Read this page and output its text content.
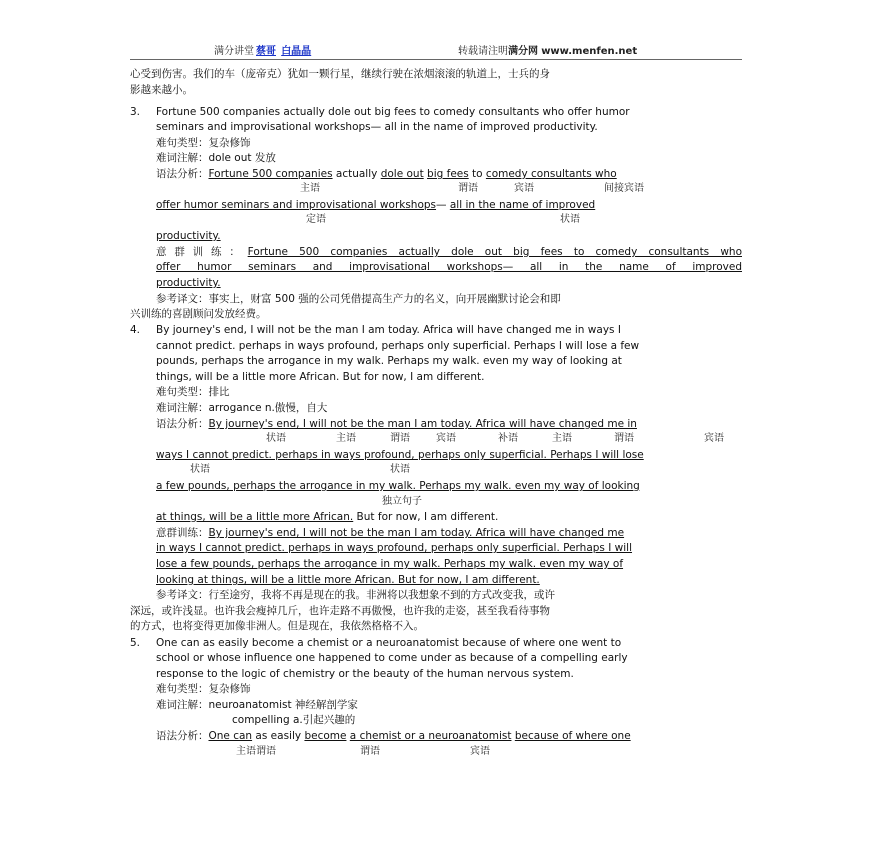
满分讲堂 蔡哥 白晶晶	转载请注明满分网 www.menfen.net
心受到伤害。我们的车（庞帝克）犹如一颗行星，继续行驶在浓烟滚滚的轨道上，士兵的身
影越来越小。
3.	Fortune 500 companies actually dole out big fees to comedy consultants who offer humor
seminars and improvisational workshops— all in the name of improved productivity.
难句类型：复杂修饰
难词注解：dole out 发放
语法分析：Fortune 500 companies actually dole out big fees to comedy consultants who
主语	谓语	宾语	间接宾语
offer humor seminars and improvisational workshops— all in the name of improved
定语	状语
productivity.
意群训练：Fortune 500 companies actually dole out big fees to comedy consultants who
offer humor seminars and improvisational workshops— all in the name of improved
productivity.
参考译文：事实上，财富 500 强的公司凭借提高生产力的名义，向开展幽默讨论会和即
兴训练的喜剧顾问发放经费。
4.	By journey's end, I will not be the man I am today. Africa will have changed me in ways I
cannot predict. perhaps in ways profound, perhaps only superficial. Perhaps I will lose a few
pounds, perhaps the arrogance in my walk. Perhaps my walk. even my way of looking at
things, will be a little more African. But for now, I am different.
难句类型：排比
难词注解：arrogance n.傲慢，自大
语法分析：By journey's end, I will not be the man I am today. Africa will have changed me in
状语	主语	谓语	宾语	补语	主语	谓语	宾语
ways I cannot predict. perhaps in ways profound, perhaps only superficial. Perhaps I will lose
状语	状语
a few pounds, perhaps the arrogance in my walk. Perhaps my walk. even my way of looking
独立句子
at things, will be a little more African. But for now, I am different.
意群训练：By journey's end, I will not be the man I am today. Africa will have changed me
in ways I cannot predict. perhaps in ways profound, perhaps only superficial. Perhaps I will
lose a few pounds, perhaps the arrogance in my walk. Perhaps my walk. even my way of
looking at things, will be a little more African. But for now, I am different.
参考译文：行至途穷，我将不再是现在的我。非洲将以我想象不到的方式改变我，或许
深远，或许浅显。也许我会瘦掉几斤，也许走路不再傲慢，也许我的走姿，甚至我看待事物
的方式，也将变得更加像非洲人。但是现在，我依然格格不入。
5.	One can as easily become a chemist or a neuroanatomist because of where one went to
school or whose influence one happened to come under as because of a compelling early
response to the logic of chemistry or the beauty of the human nervous system.
难句类型：复杂修饰
难词注解：neuroanatomist 神经解剖学家
compelling a.引起兴趣的
语法分析：One can as easily become a chemist or a neuroanatomist because of where one
主语谓语	谓语	宾语
